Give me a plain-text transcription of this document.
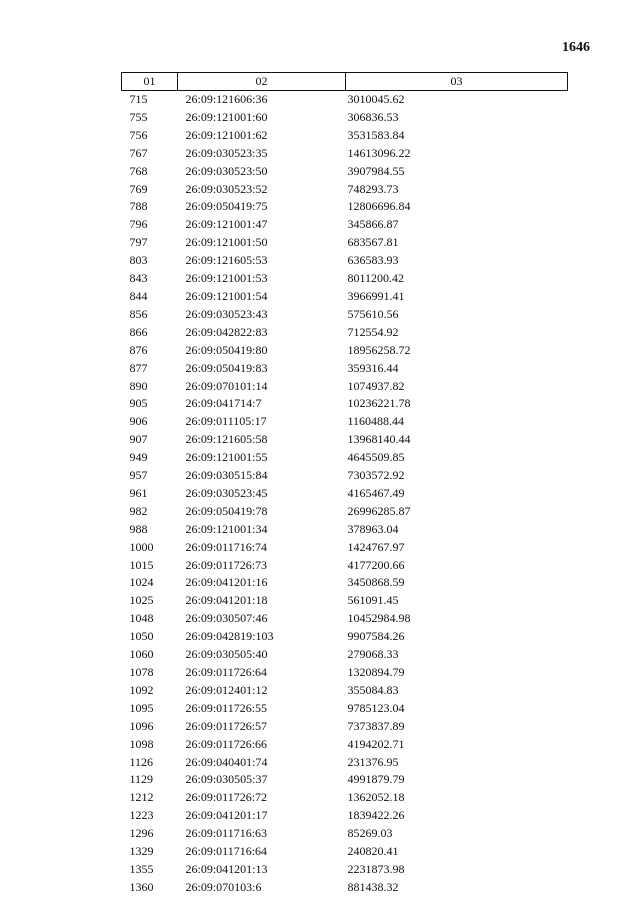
1646
01	02	03
715	26:09:121606:36	3010045.62
755	26:09:121001:60	306836.53
756	26:09:121001:62	3531583.84
767	26:09:030523:35	14613096.22
768	26:09:030523:50	3907984.55
769	26:09:030523:52	748293.73
788	26:09:050419:75	12806696.84
796	26:09:121001:47	345866.87
797	26:09:121001:50	683567.81
803	26:09:121605:53	636583.93
843	26:09:121001:53	8011200.42
844	26:09:121001:54	3966991.41
856	26:09:030523:43	575610.56
866	26:09:042822:83	712554.92
876	26:09:050419:80	18956258.72
877	26:09:050419:83	359316.44
890	26:09:070101:14	1074937.82
905	26:09:041714:7	10236221.78
906	26:09:011105:17	1160488.44
907	26:09:121605:58	13968140.44
949	26:09:121001:55	4645509.85
957	26:09:030515:84	7303572.92
961	26:09:030523:45	4165467.49
982	26:09:050419:78	26996285.87
988	26:09:121001:34	378963.04
1000	26:09:011716:74	1424767.97
1015	26:09:011726:73	4177200.66
1024	26:09:041201:16	3450868.59
1025	26:09:041201:18	561091.45
1048	26:09:030507:46	10452984.98
1050	26:09:042819:103	9907584.26
1060	26:09:030505:40	279068.33
1078	26:09:011726:64	1320894.79
1092	26:09:012401:12	355084.83
1095	26:09:011726:55	9785123.04
1096	26:09:011726:57	7373837.89
1098	26:09:011726:66	4194202.71
1126	26:09:040401:74	231376.95
1129	26:09:030505:37	4991879.79
1212	26:09:011726:72	1362052.18
1223	26:09:041201:17	1839422.26
1296	26:09:011716:63	85269.03
1329	26:09:011716:64	240820.41
1355	26:09:041201:13	2231873.98
1360	26:09:070103:6	881438.32
